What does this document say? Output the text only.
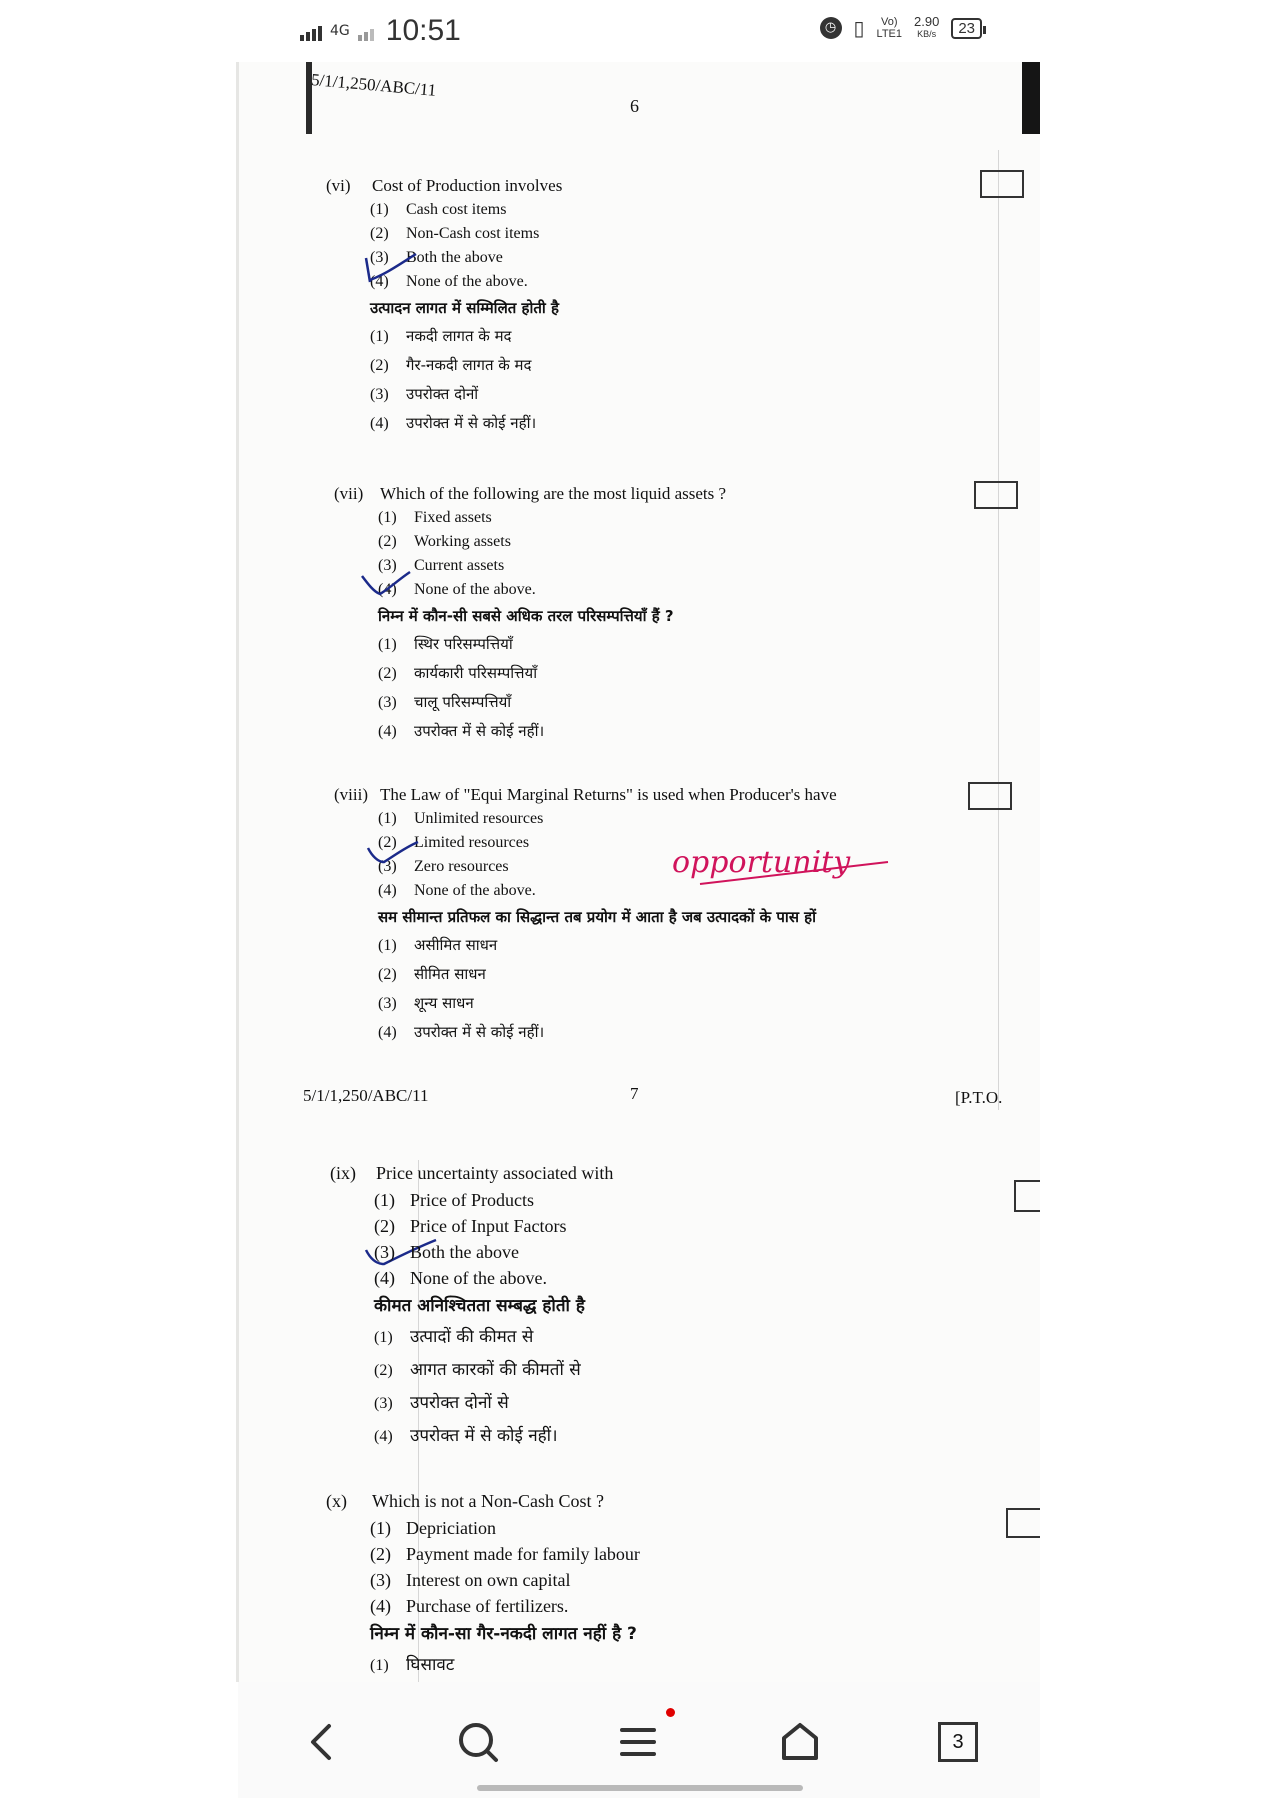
4G 10:51	◷ ▯	Vo)
LTE1
2.90
KB/s	23
5/1/1,250/ABC/11
6
(vi) Cost of Production involves
(1) Cash cost items
(2) Non-Cash cost items
(3) Both the above
(4) None of the above.
उत्पादन लागत में सम्मिलित होती है
(1) नकदी लागत के मद
(2) गैर-नकदी लागत के मद
(3) उपरोक्त दोनों
(4) उपरोक्त में से कोई नहीं।
(vii) Which of the following are the most liquid assets ?
(1) Fixed assets
(2) Working assets
(3) Current assets
(4) None of the above.
निम्न में कौन-सी सबसे अधिक तरल परिसम्पत्तियाँ हैं ?
(1) स्थिर परिसम्पत्तियाँ
(2) कार्यकारी परिसम्पत्तियाँ
(3) चालू परिसम्पत्तियाँ
(4) उपरोक्त में से कोई नहीं।
(viii) The Law of "Equi Marginal Returns" is used when Producer's have
(1) Unlimited resources
(2) Limited resources
(3) Zero resources
(4) None of the above.
सम सीमान्त प्रतिफल का सिद्धान्त तब प्रयोग में आता है जब उत्पादकों के पास हों
(1) असीमित साधन
(2) सीमित साधन
(3) शून्य साधन
(4) उपरोक्त में से कोई नहीं।
opportunity
5/1/1,250/ABC/11	7	[P.T.O.
(ix) Price uncertainty associated with
(1) Price of Products
(2) Price of Input Factors
(3) Both the above
(4) None of the above.
कीमत अनिश्चितता सम्बद्ध होती है
(1) उत्पादों की कीमत से
(2) आगत कारकों की कीमतों से
(3) उपरोक्त दोनों से
(4) उपरोक्त में से कोई नहीं।
(x) Which is not a Non-Cash Cost ?
(1) Depriciation
(2) Payment made for family labour
(3) Interest on own capital
(4) Purchase of fertilizers.
निम्न में कौन-सा गैर-नकदी लागत नहीं है ?
(1) घिसावट
3
